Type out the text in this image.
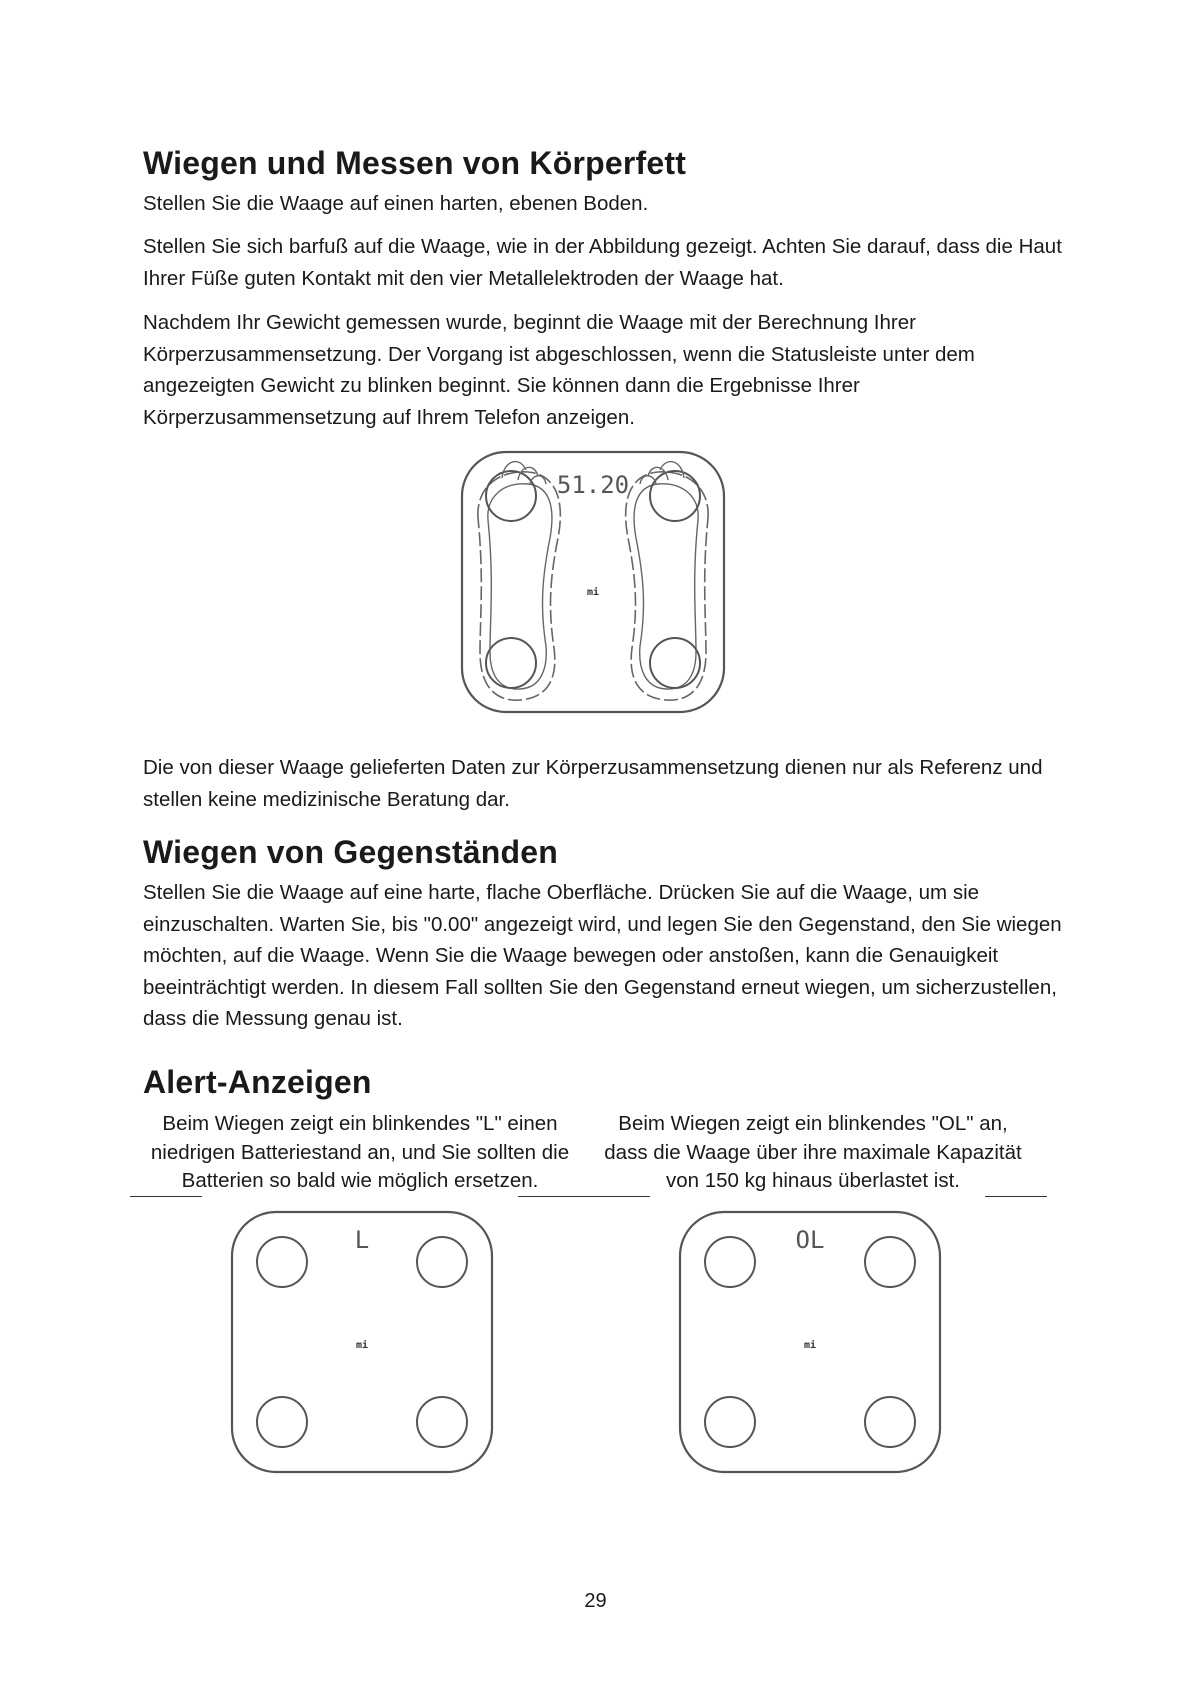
Wiegen und Messen von Körperfett

Stellen Sie die Waage auf einen harten, ebenen Boden.

Stellen Sie sich barfuß auf die Waage, wie in der Abbildung gezeigt. Achten Sie darauf, dass die Haut Ihrer Füße guten Kontakt mit den vier Metallelektroden der Waage hat.

Nachdem Ihr Gewicht gemessen wurde, beginnt die Waage mit der Berechnung Ihrer Körperzusammensetzung. Der Vorgang ist abgeschlossen, wenn die Statusleiste unter dem angezeigten Gewicht zu blinken beginnt. Sie können dann die Ergebnisse Ihrer Körperzusammensetzung auf Ihrem Telefon anzeigen.

51.20
mi

Die von dieser Waage gelieferten Daten zur Körperzusammensetzung dienen nur als Referenz und stellen keine medizinische Beratung dar.

Wiegen von Gegenständen

Stellen Sie die Waage auf eine harte, flache Oberfläche. Drücken Sie auf die Waage, um sie einzuschalten. Warten Sie, bis "0.00" angezeigt wird, und legen Sie den Gegenstand, den Sie wiegen möchten, auf die Waage. Wenn Sie die Waage bewegen oder anstoßen, kann die Genauigkeit beeinträchtigt werden. In diesem Fall sollten Sie den Gegenstand erneut wiegen, um sicherzustellen, dass die Messung genau ist.

Alert-Anzeigen

Beim Wiegen zeigt ein blinkendes "L" einen niedrigen Batteriestand an, und Sie sollten die Batterien so bald wie möglich ersetzen.

Beim Wiegen zeigt ein blinkendes "OL" an, dass die Waage über ihre maximale Kapazität von 150 kg hinaus überlastet ist.

L
mi
OL
mi
29
